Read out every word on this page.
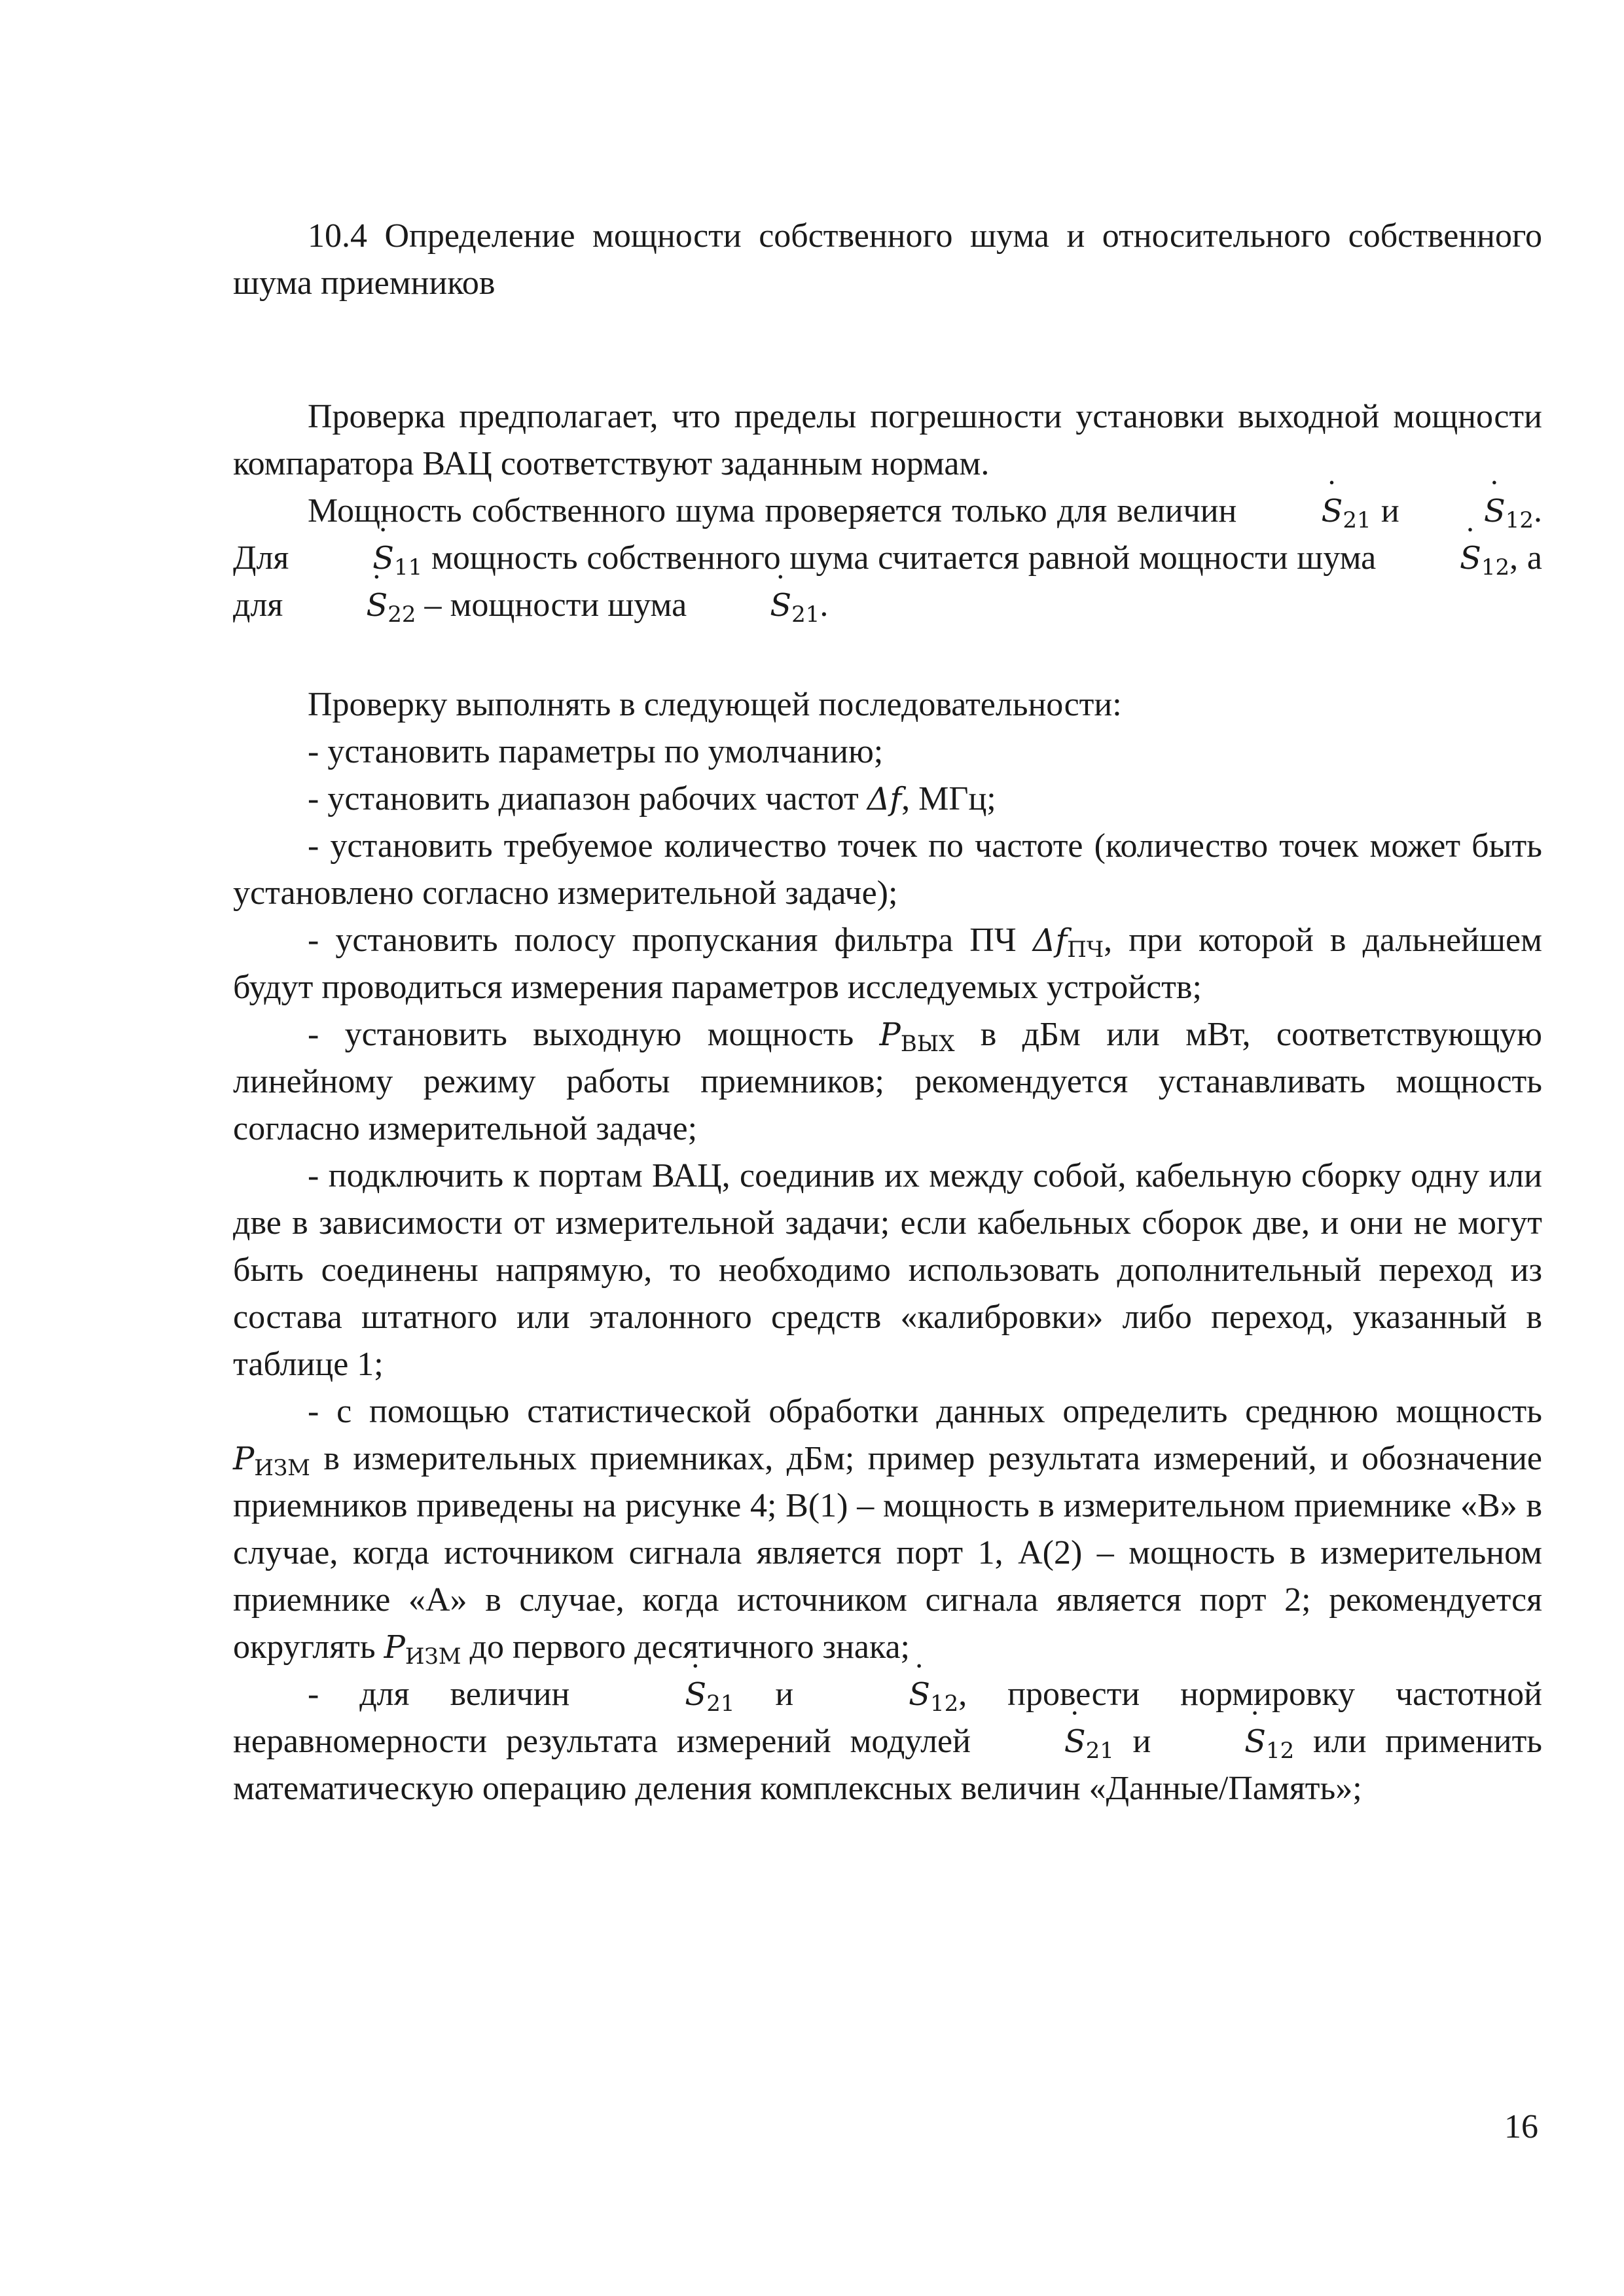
10.4 Определение мощности собственного шума и относительного собственного шума приемников

Проверка предполагает, что пределы погрешности установки выходной мощности компаратора ВАЦ соответствуют заданным нормам.

Мощность собственного шума проверяется только для величин ˙ $S_{21}$ и ˙ $S_{12}$. Для ˙ $S_{11}$ мощность собственного шума считается равной мощности шума ˙ $S_{12}$, а для ˙ $S_{22}$ – мощности шума ˙ $S_{21}$.

Проверку выполнять в следующей последовательности:

- установить параметры по умолчанию;

- установить диапазон рабочих частот Δf, МГц;

- установить требуемое количество точек по частоте (количество точек может быть установлено согласно измерительной задаче);

- установить полосу пропускания фильтра ПЧ $\Delta f_{ПЧ}$, при которой в дальнейшем будут проводиться измерения параметров исследуемых устройств;

- установить выходную мощность $P_{ВЫХ}$ в дБм или мВт, соответствующую линейному режиму работы приемников; рекомендуется устанавливать мощность согласно измерительной задаче;

- подключить к портам ВАЦ, соединив их между собой, кабельную сборку одну или две в зависимости от измерительной задачи; если кабельных сборок две, и они не могут быть соединены напрямую, то необходимо использовать дополнительный переход из состава штатного или эталонного средств «калибровки» либо переход, указанный в таблице 1;

- с помощью статистической обработки данных определить среднюю мощность $P_{ИЗМ}$ в измерительных приемниках, дБм; пример результата измерений, и обозначение приемников приведены на рисунке 4; В(1) – мощность в измерительном приемнике «В» в случае, когда источником сигнала является порт 1, А(2) – мощность в измерительном приемнике «А» в случае, когда источником сигнала является порт 2; рекомендуется округлять $P_{ИЗМ}$ до первого десятичного знака;

- для величин ˙ $S_{21}$ и ˙ $S_{12}$, провести нормировку частотной неравномерности результата измерений модулей ˙ $S_{21}$ и ˙ $S_{12}$ или применить математическую операцию деления комплексных величин «Данные/Память»;

16
